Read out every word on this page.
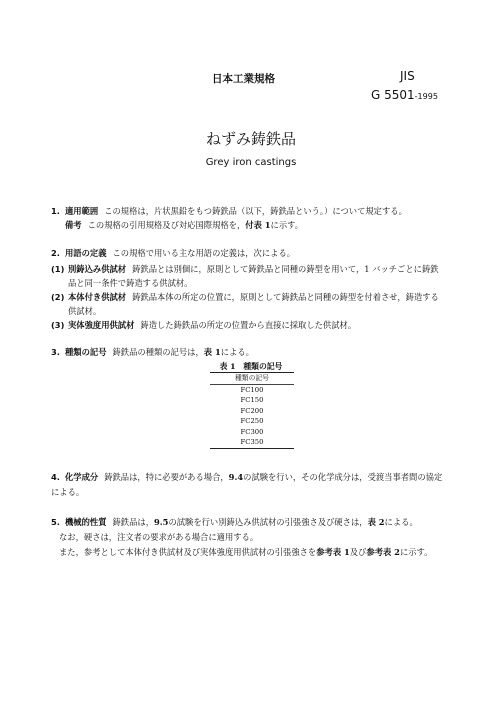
日本工業規格	JIS
G 5501-1995
ねずみ鋳鉄品
Grey iron castings
1. 適用範囲 この規格は，片状黒鉛をもつ鋳鉄品（以下，鋳鉄品という。）について規定する。
備考 この規格の引用規格及び対応国際規格を，付表 1に示す。
2. 用語の定義 この規格で用いる主な用語の定義は，次による。
(1) 別鋳込み供試材 鋳鉄品とは別個に，原則として鋳鉄品と同種の鋳型を用いて，1 バッチごとに鋳鉄
品と同一条件で鋳造する供試材。
(2) 本体付き供試材 鋳鉄品本体の所定の位置に，原則として鋳鉄品と同種の鋳型を付着させ，鋳造する
供試材。
(3) 実体強度用供試材 鋳造した鋳鉄品の所定の位置から直接に採取した供試材。
3. 種類の記号 鋳鉄品の種類の記号は，表 1による。
表 1　種類の記号
種類の記号
FC100
FC150
FC200
FC250
FC300
FC350
4. 化学成分 鋳鉄品は，特に必要がある場合，9.4の試験を行い，その化学成分は，受渡当事者間の協定
による。
5. 機械的性質 鋳鉄品は，9.5の試験を行い別鋳込み供試材の引張強さ及び硬さは，表 2による。
なお，硬さは，注文者の要求がある場合に適用する。
また，参考として本体付き供試材及び実体強度用供試材の引張強さを参考表 1及び参考表 2に示す。
